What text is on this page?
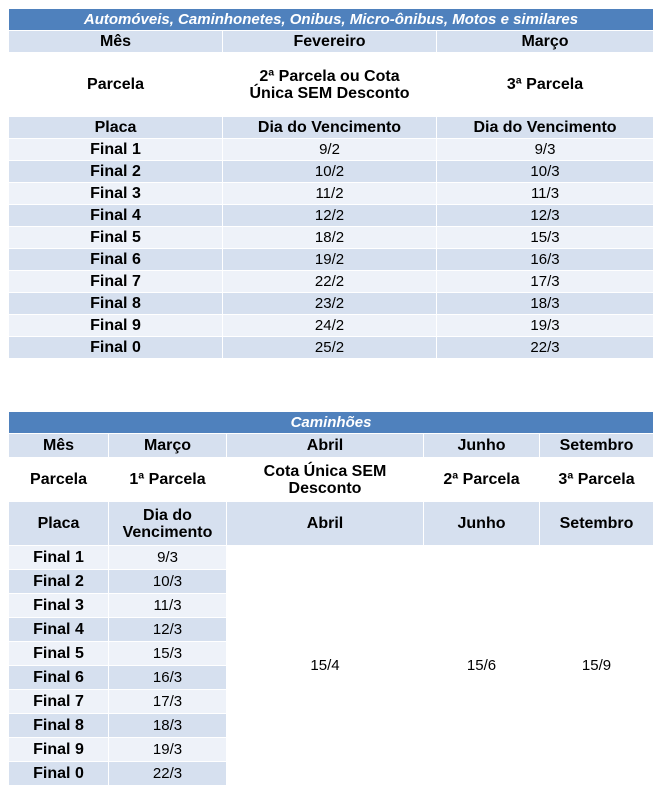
Automóveis, Caminhonetes, Onibus, Micro-ônibus, Motos e similares		
Mês	Fevereiro	Março
Parcela	2ª Parcela ou Cota Única SEM Desconto	3ª Parcela
Placa	Dia do Vencimento	Dia do Vencimento
Final 1	9/2	9/3
Final 2	10/2	10/3
Final 3	11/2	11/3
Final 4	12/2	12/3
Final 5	18/2	15/3
Final 6	19/2	16/3
Final 7	22/2	17/3
Final 8	23/2	18/3
Final 9	24/2	19/3
Final 0	25/2	22/3
Caminhões				
Mês	Março	Abril	Junho	Setembro
Parcela	1ª Parcela	Cota Única SEM Desconto	2ª Parcela	3ª Parcela
Placa	Dia do Vencimento	Abril	Junho	Setembro
Final 1	9/3	15/4	15/6	15/9
Final 2	10/3			
Final 3	11/3			
Final 4	12/3			
Final 5	15/3			
Final 6	16/3			
Final 7	17/3			
Final 8	18/3			
Final 9	19/3			
Final 0	22/3			
